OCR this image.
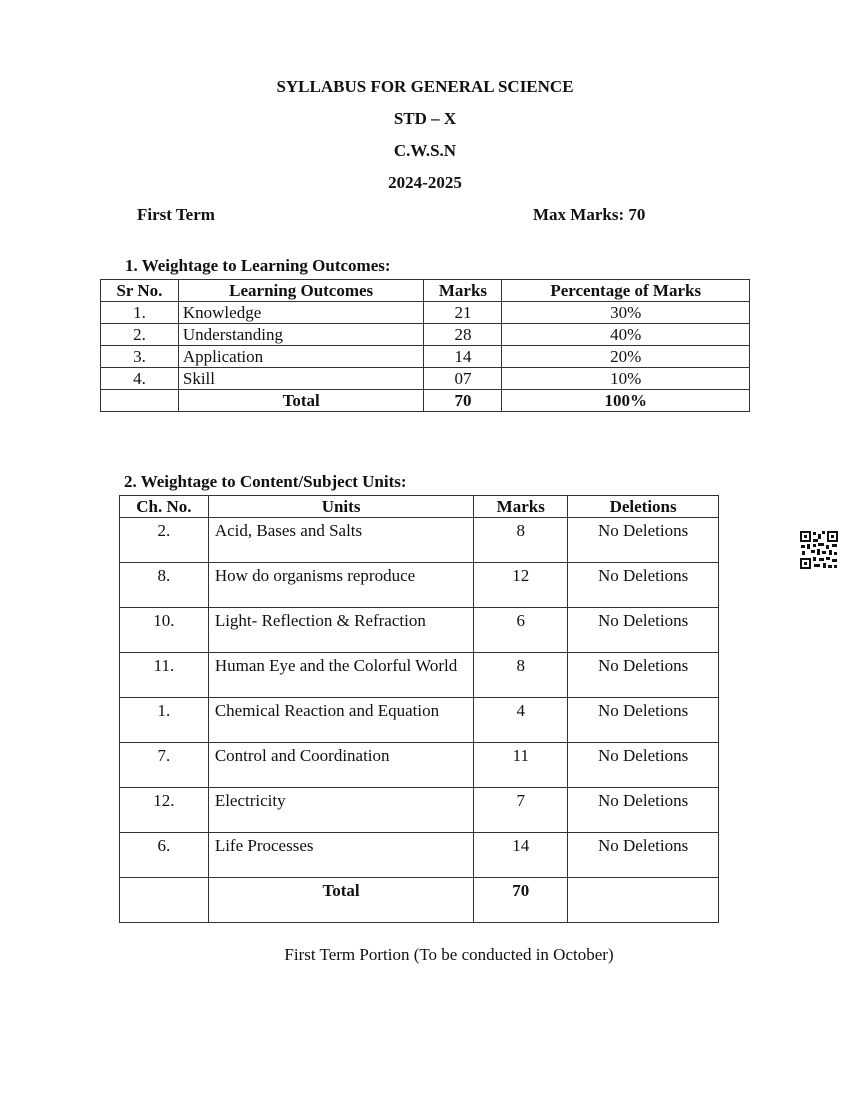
SYLLABUS FOR GENERAL SCIENCE
STD – X
C.W.S.N
2024-2025
First Term	Max Marks: 70
1. Weightage to Learning Outcomes:
Sr No.	Learning Outcomes	Marks	Percentage of Marks
1.	Knowledge	21	30%
2.	Understanding	28	40%
3.	Application	14	20%
4.	Skill	07	10%
	Total	70	100%
2. Weightage to Content/Subject Units:
Ch. No.	Units	Marks	Deletions
2.	Acid, Bases and Salts	8	No Deletions
8.	How do organisms reproduce	12	No Deletions
10.	Light- Reflection & Refraction	6	No Deletions
11.	Human Eye and the Colorful World	8	No Deletions
1.	Chemical Reaction and Equation	4	No Deletions
7.	Control and Coordination	11	No Deletions
12.	Electricity	7	No Deletions
6.	Life Processes	14	No Deletions
	Total	70	
First Term Portion (To be conducted in October)
